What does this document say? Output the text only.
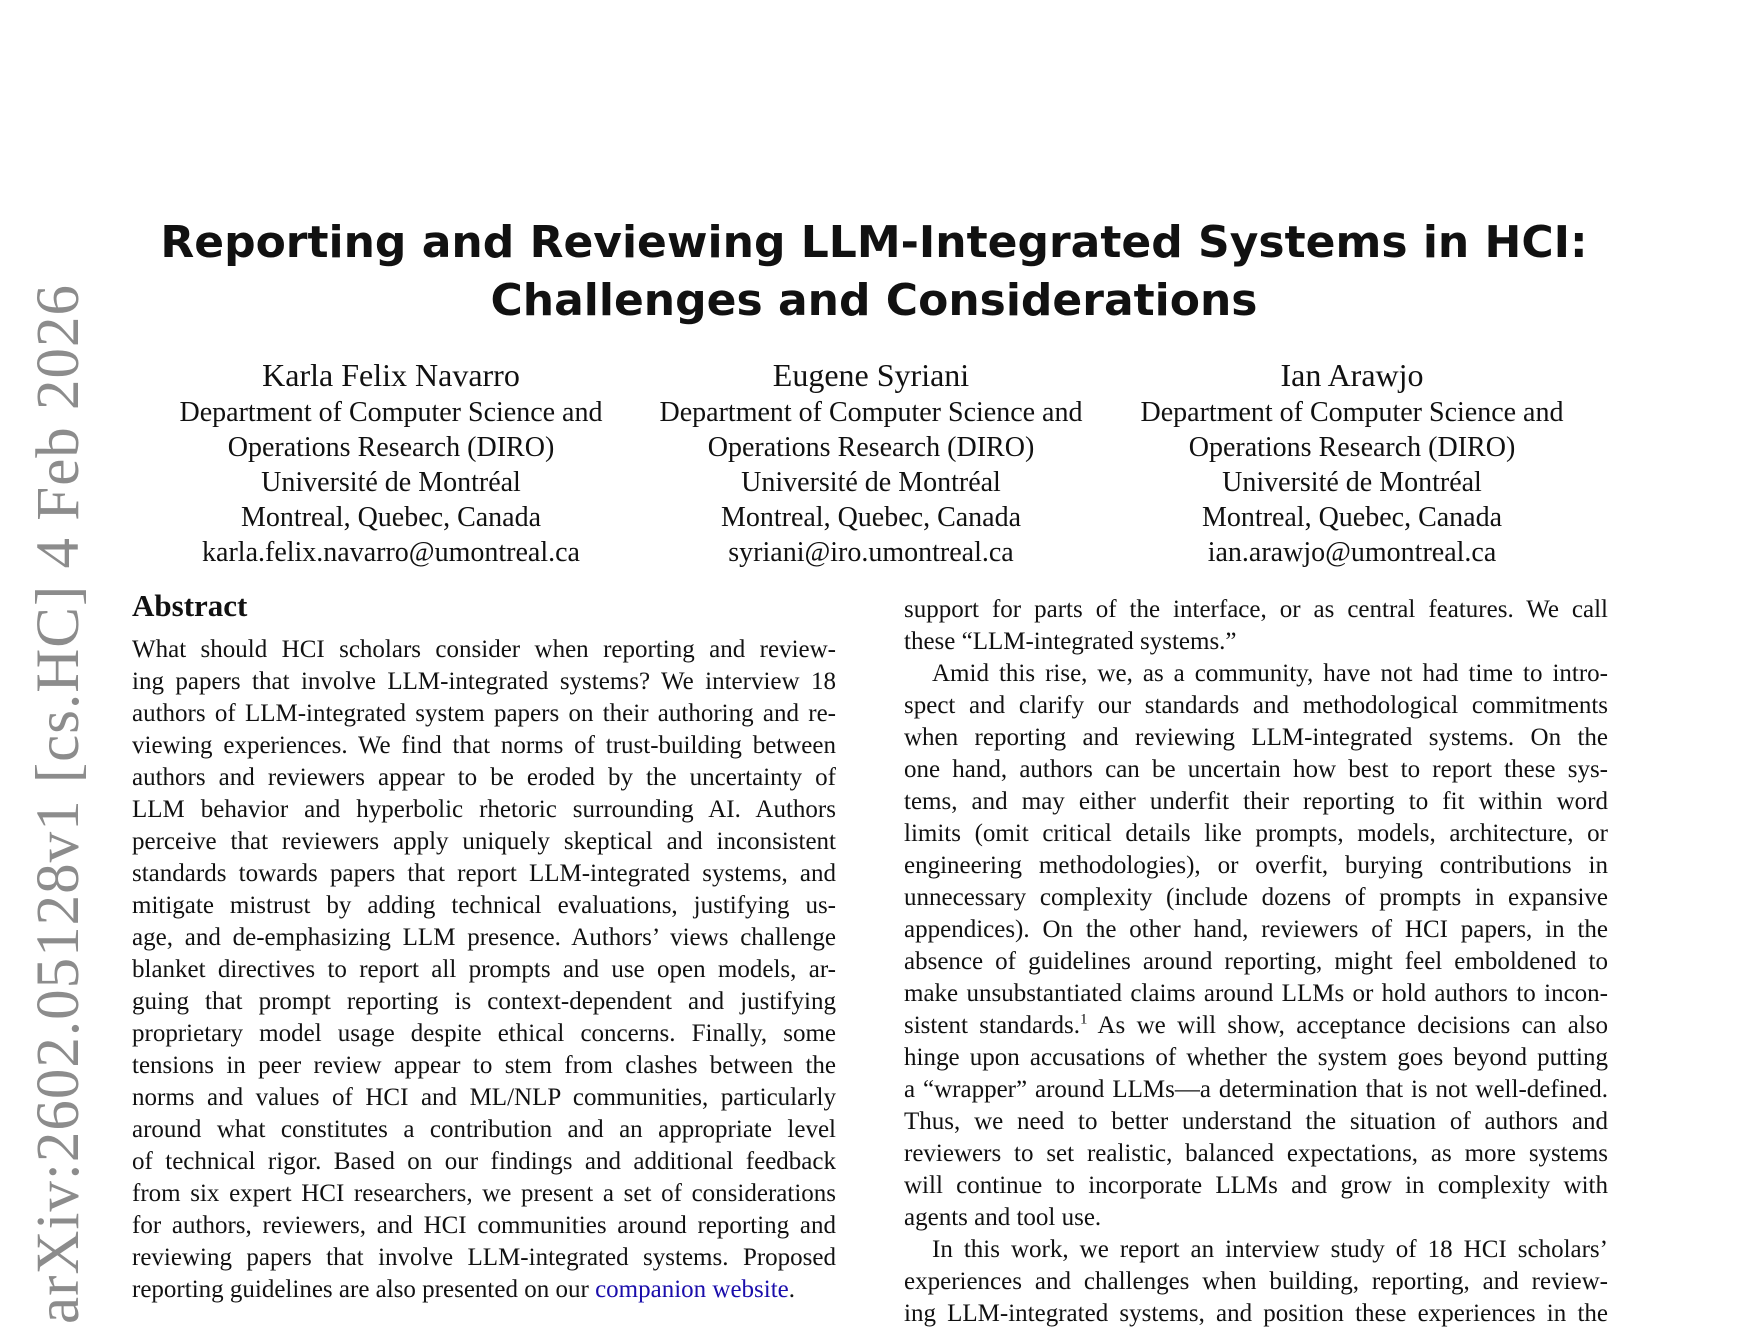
arXiv:2602.05128v1 [cs.HC] 4 Feb 2026
Reporting and Reviewing LLM-Integrated Systems in HCI:
Challenges and Considerations
Karla Felix Navarro
Department of Computer Science and
Operations Research (DIRO)
Université de Montréal
Montreal, Quebec, Canada
karla.felix.navarro@umontreal.ca
Eugene Syriani
Department of Computer Science and
Operations Research (DIRO)
Université de Montréal
Montreal, Quebec, Canada
syriani@iro.umontreal.ca
Ian Arawjo
Department of Computer Science and
Operations Research (DIRO)
Université de Montréal
Montreal, Quebec, Canada
ian.arawjo@umontreal.ca
Abstract
What should HCI scholars consider when reporting and review-
ing papers that involve LLM-integrated systems? We interview 18
authors of LLM-integrated system papers on their authoring and re-
viewing experiences. We find that norms of trust-building between
authors and reviewers appear to be eroded by the uncertainty of
LLM behavior and hyperbolic rhetoric surrounding AI. Authors
perceive that reviewers apply uniquely skeptical and inconsistent
standards towards papers that report LLM-integrated systems, and
mitigate mistrust by adding technical evaluations, justifying us-
age, and de-emphasizing LLM presence. Authors’ views challenge
blanket directives to report all prompts and use open models, ar-
guing that prompt reporting is context-dependent and justifying
proprietary model usage despite ethical concerns. Finally, some
tensions in peer review appear to stem from clashes between the
norms and values of HCI and ML/NLP communities, particularly
around what constitutes a contribution and an appropriate level
of technical rigor. Based on our findings and additional feedback
from six expert HCI researchers, we present a set of considerations
for authors, reviewers, and HCI communities around reporting and
reviewing papers that involve LLM-integrated systems. Proposed
reporting guidelines are also presented on our companion website.
support for parts of the interface, or as central features. We call
these “LLM-integrated systems.”
Amid this rise, we, as a community, have not had time to intro-
spect and clarify our standards and methodological commitments
when reporting and reviewing LLM-integrated systems. On the
one hand, authors can be uncertain how best to report these sys-
tems, and may either underfit their reporting to fit within word
limits (omit critical details like prompts, models, architecture, or
engineering methodologies), or overfit, burying contributions in
unnecessary complexity (include dozens of prompts in expansive
appendices). On the other hand, reviewers of HCI papers, in the
absence of guidelines around reporting, might feel emboldened to
make unsubstantiated claims around LLMs or hold authors to incon-
sistent standards.$^1$ As we will show, acceptance decisions can also
hinge upon accusations of whether the system goes beyond putting
a “wrapper” around LLMs—a determination that is not well-defined.
Thus, we need to better understand the situation of authors and
reviewers to set realistic, balanced expectations, as more systems
will continue to incorporate LLMs and grow in complexity with
agents and tool use.
In this work, we report an interview study of 18 HCI scholars’
experiences and challenges when building, reporting, and review-
ing LLM-integrated systems, and position these experiences in the
